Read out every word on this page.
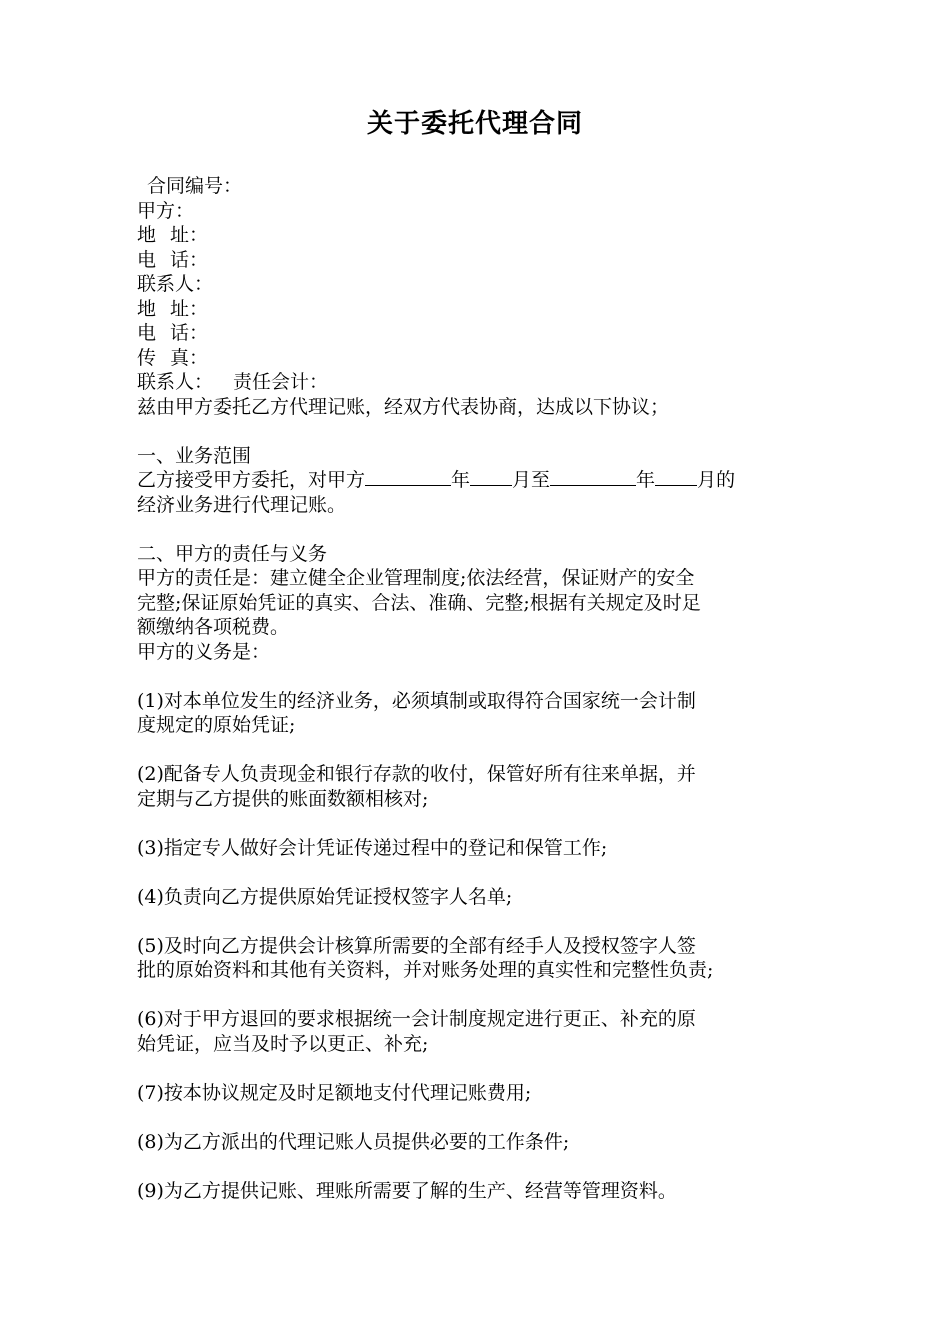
关于委托代理合同
合同编号：
甲方：
地 址：
电 话：
联系人：
地 址：
电 话：
传 真：
联系人： 责任会计：
兹由甲方委托乙方代理记账，经双方代表协商，达成以下协议；
一、业务范围
乙方接受甲方委托，对甲方	年 月至	年 月的
经济业务进行代理记账。
二、甲方的责任与义务
甲方的责任是：建立健全企业管理制度;依法经营，保证财产的安全
完整;保证原始凭证的真实、合法、准确、完整;根据有关规定及时足
额缴纳各项税费。
甲方的义务是：
(1)对本单位发生的经济业务，必须填制或取得符合国家统一会计制
度规定的原始凭证;
(2)配备专人负责现金和银行存款的收付，保管好所有往来单据，并
定期与乙方提供的账面数额相核对;
(3)指定专人做好会计凭证传递过程中的登记和保管工作;
(4)负责向乙方提供原始凭证授权签字人名单;
(5)及时向乙方提供会计核算所需要的全部有经手人及授权签字人签
批的原始资料和其他有关资料，并对账务处理的真实性和完整性负责;
(6)对于甲方退回的要求根据统一会计制度规定进行更正、补充的原
始凭证，应当及时予以更正、补充;
(7)按本协议规定及时足额地支付代理记账费用;
(8)为乙方派出的代理记账人员提供必要的工作条件;
(9)为乙方提供记账、理账所需要了解的生产、经营等管理资料。
